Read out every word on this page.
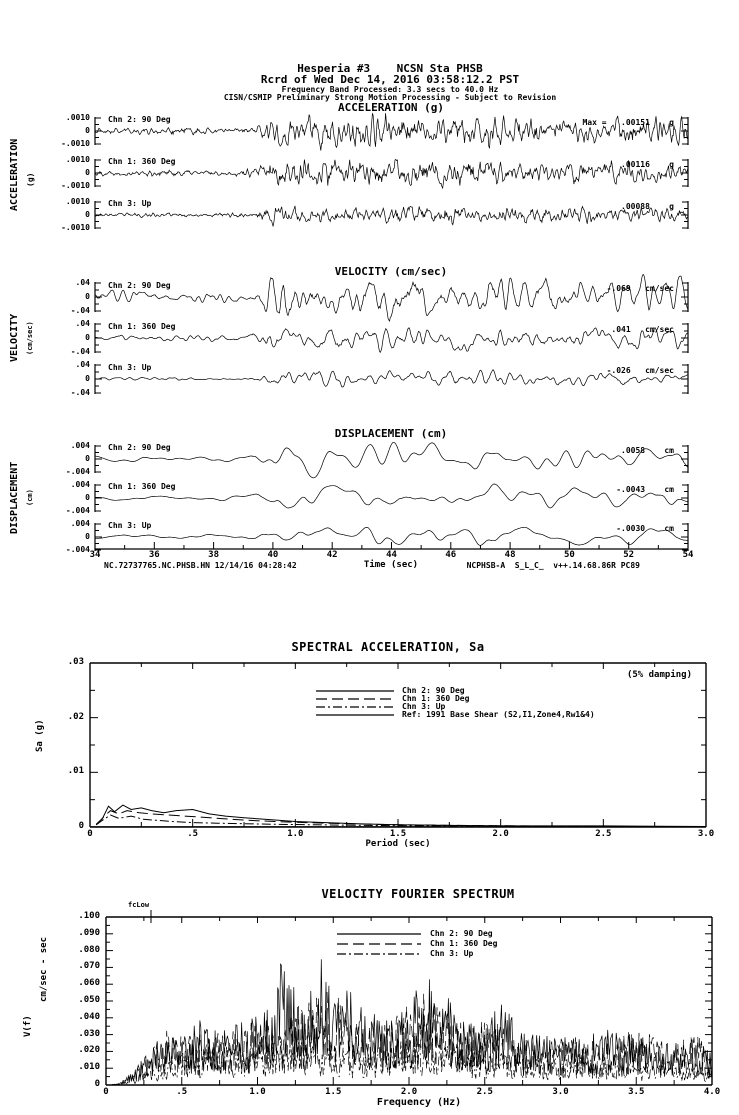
Hesperia #3    NCSN Sta PHSB
Rcrd of Wed Dec 14, 2016 03:58:12.2 PST
Frequency Band Processed: 3.3 secs to 40.0 Hz
CISN/CSMIP Preliminary Strong Motion Processing - Subject to Revision
ACCELERATION (g)
VELOCITY (cm/sec)
DISPLACEMENT (cm)
ACCELERATION (g)
VELOCITY (cm/sec)
DISPLACEMENT (cm)
Time (sec)
NC.72737765.NC.PHSB.HN 12/14/16 04:28:42	NCPHSB-A  S_L_C_  v++.14.68.86R PC89
SPECTRAL ACCELERATION, Sa
(5% damping)
Sa (g)
Period (sec)
VELOCITY FOURIER SPECTRUM
fcLow
cm/sec - sec
V(f)
Frequency (Hz)
.0010
0
-.0010
Chn 2: 90 Deg	Max =   .00151    g
.0010
0
-.0010
Chn 1: 360 Deg	.00116    g
.0010
0
-.0010
Chn 3: Up	.00088    g
.04
0
-.04
Chn 2: 90 Deg	-.069   cm/sec
.04
0
-.04
Chn 1: 360 Deg	.041   cm/sec
.04
0
-.04
Chn 3: Up	-.026   cm/sec
.004
0
-.004
Chn 2: 90 Deg	.0058    cm
.004
0
-.004
Chn 1: 360 Deg	-.0043    cm
.004
0
-.004
Chn 3: Up	-.0030    cm
34	36	38	40	42	44	46	48	50	52	54
.03
.02
.01
0
0	.5	1.0	1.5	2.0	2.5	3.0
Chn 2: 90 Deg
Chn 1: 360 Deg
Chn 3: Up
Ref: 1991 Base Shear (S2,I1,Zone4,Rw1&4)
.100
.090
.080
.070
.060
.050
.040
.030
.020
.010
0
0	.5	1.0	1.5	2.0	2.5	3.0	3.5	4.0
Chn 2: 90 Deg
Chn 1: 360 Deg
Chn 3: Up
